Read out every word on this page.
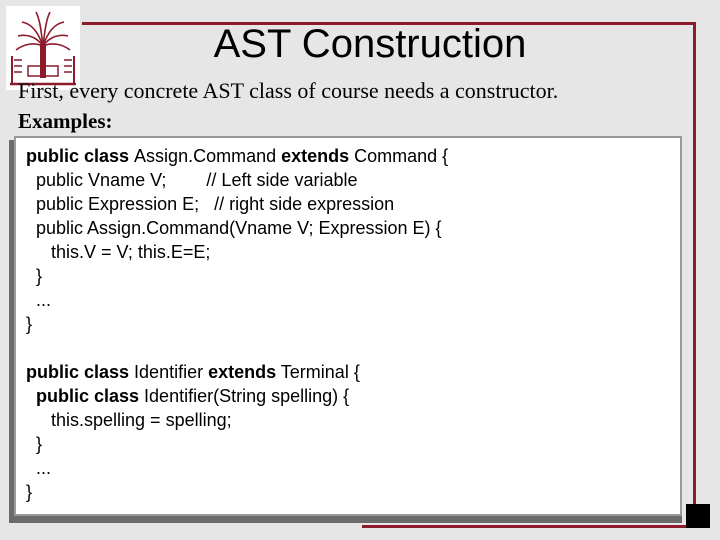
AST Construction
First, every concrete AST class of course needs a constructor.
Examples:
public class Assign.Command extends Command {
public Vname V;        // Left side variable
public Expression E;   // right side expression
public Assign.Command(Vname V; Expression E) {
this.V = V; this.E=E;
}
...
}
public class Identifier extends Terminal {
public class Identifier(String spelling) {
this.spelling = spelling;
}
...
}
